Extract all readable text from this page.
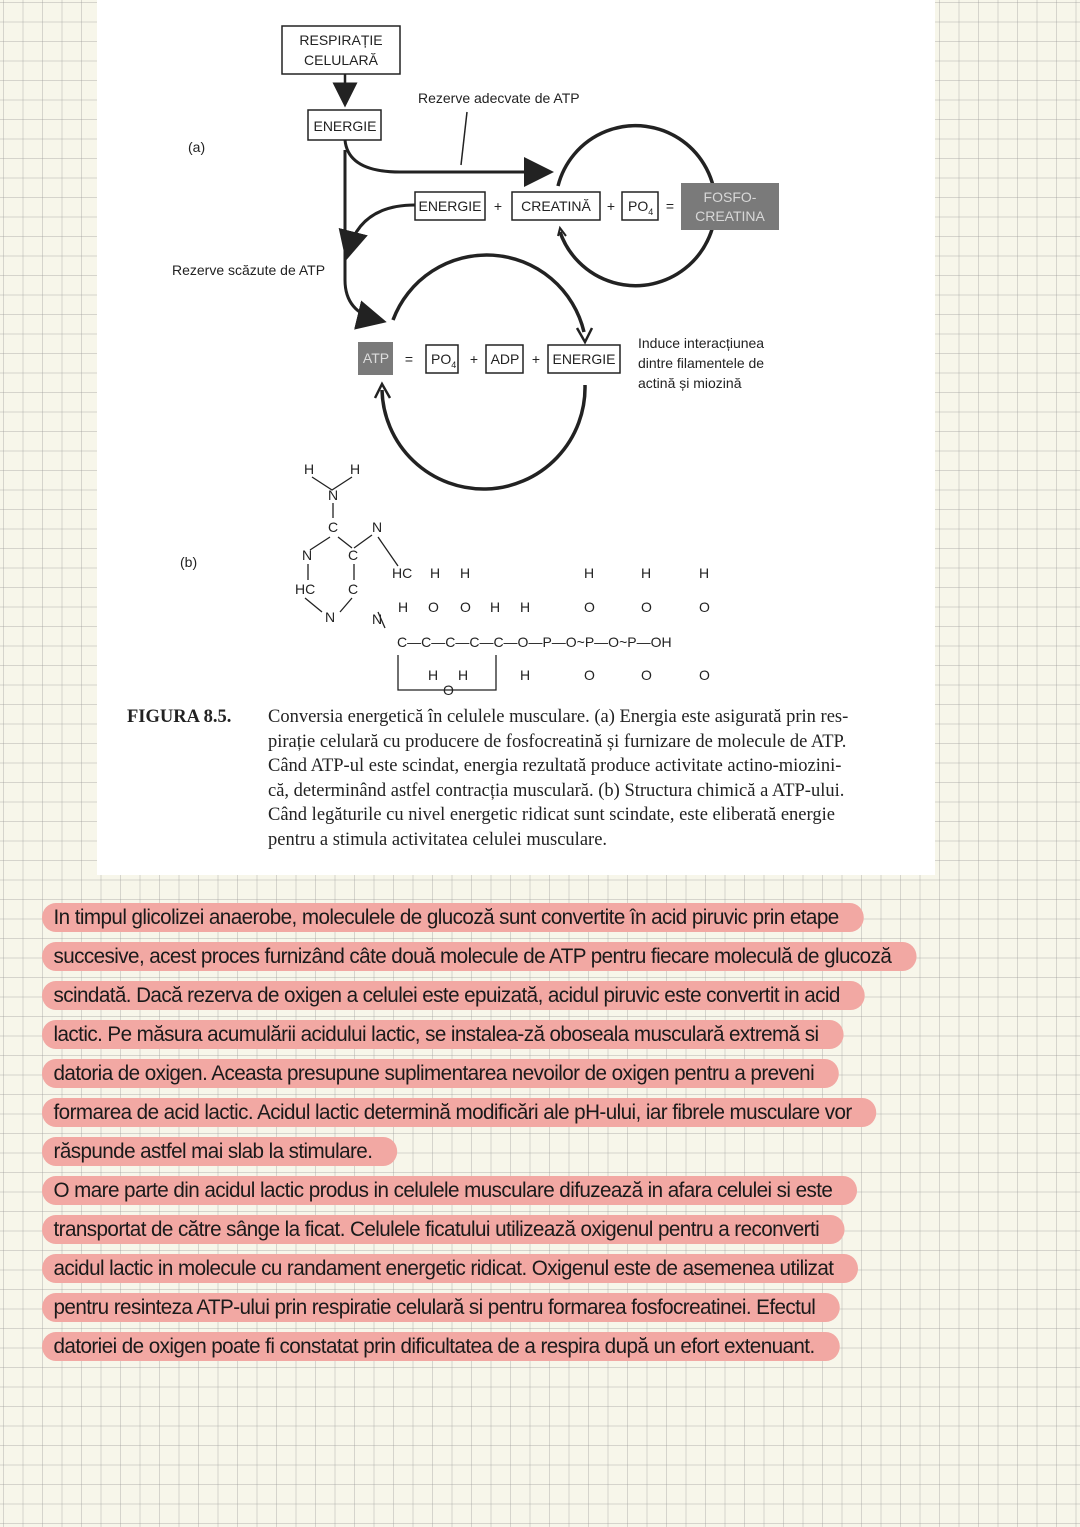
RESPIRAȚIE
CELULARĂ
ENERGIE
Rezerve adecvate de ATP
(a)
Rezerve scăzute de ATP
ENERGIE + CREATINĂ + $PO_4$ =
FOSFO-
CREATINA
ATP = $PO_4$ + ADP + ENERGIE
Induce interacțiunea
dintre filamentele de
actină și miozină
(b)
H	H
N
C N
N	C
HC C
HC
N	N
H H
H O O H H
H	H	H
O	O	O
C—C—C—C—C—O—P—O~P—O~P—OH
H H	H	O	O	O
O
FIGURA 8.5. Conversia energetică în celulele musculare. (a) Energia este asigurată prin res-
pirație celulară cu producere de fosfocreatină și furnizare de molecule de ATP.
Când ATP-ul este scindat, energia rezultată produce activitate actino-miozini-
că, determinând astfel contracția musculară. (b) Structura chimică a ATP-ului.
Când legăturile cu nivel energetic ridicat sunt scindate, este eliberată energie
pentru a stimula activitatea celulei musculare.
In timpul glicolizei anaerobe, moleculele de glucoză sunt convertite în acid piruvic prin etape
succesive, acest proces furnizând câte două molecule de ATP pentru fiecare moleculă de glucoză
scindată. Dacă rezerva de oxigen a celulei este epuizată, acidul piruvic este convertit in acid
lactic. Pe măsura acumulării acidului lactic, se instalea-ză oboseala musculară extremă si
datoria de oxigen. Aceasta presupune suplimentarea nevoilor de oxigen pentru a preveni
formarea de acid lactic. Acidul lactic determină modificări ale pH-ului, iar fibrele musculare vor
răspunde astfel mai slab la stimulare.
O mare parte din acidul lactic produs in celulele musculare difuzează in afara celulei si este
transportat de către sânge la ficat. Celulele ficatului utilizează oxigenul pentru a reconverti
acidul lactic in molecule cu randament energetic ridicat. Oxigenul este de asemenea utilizat
pentru resinteza ATP-ului prin respiratie celulară si pentru formarea fosfocreatinei. Efectul
datoriei de oxigen poate fi constatat prin dificultatea de a respira după un efort extenuant.
